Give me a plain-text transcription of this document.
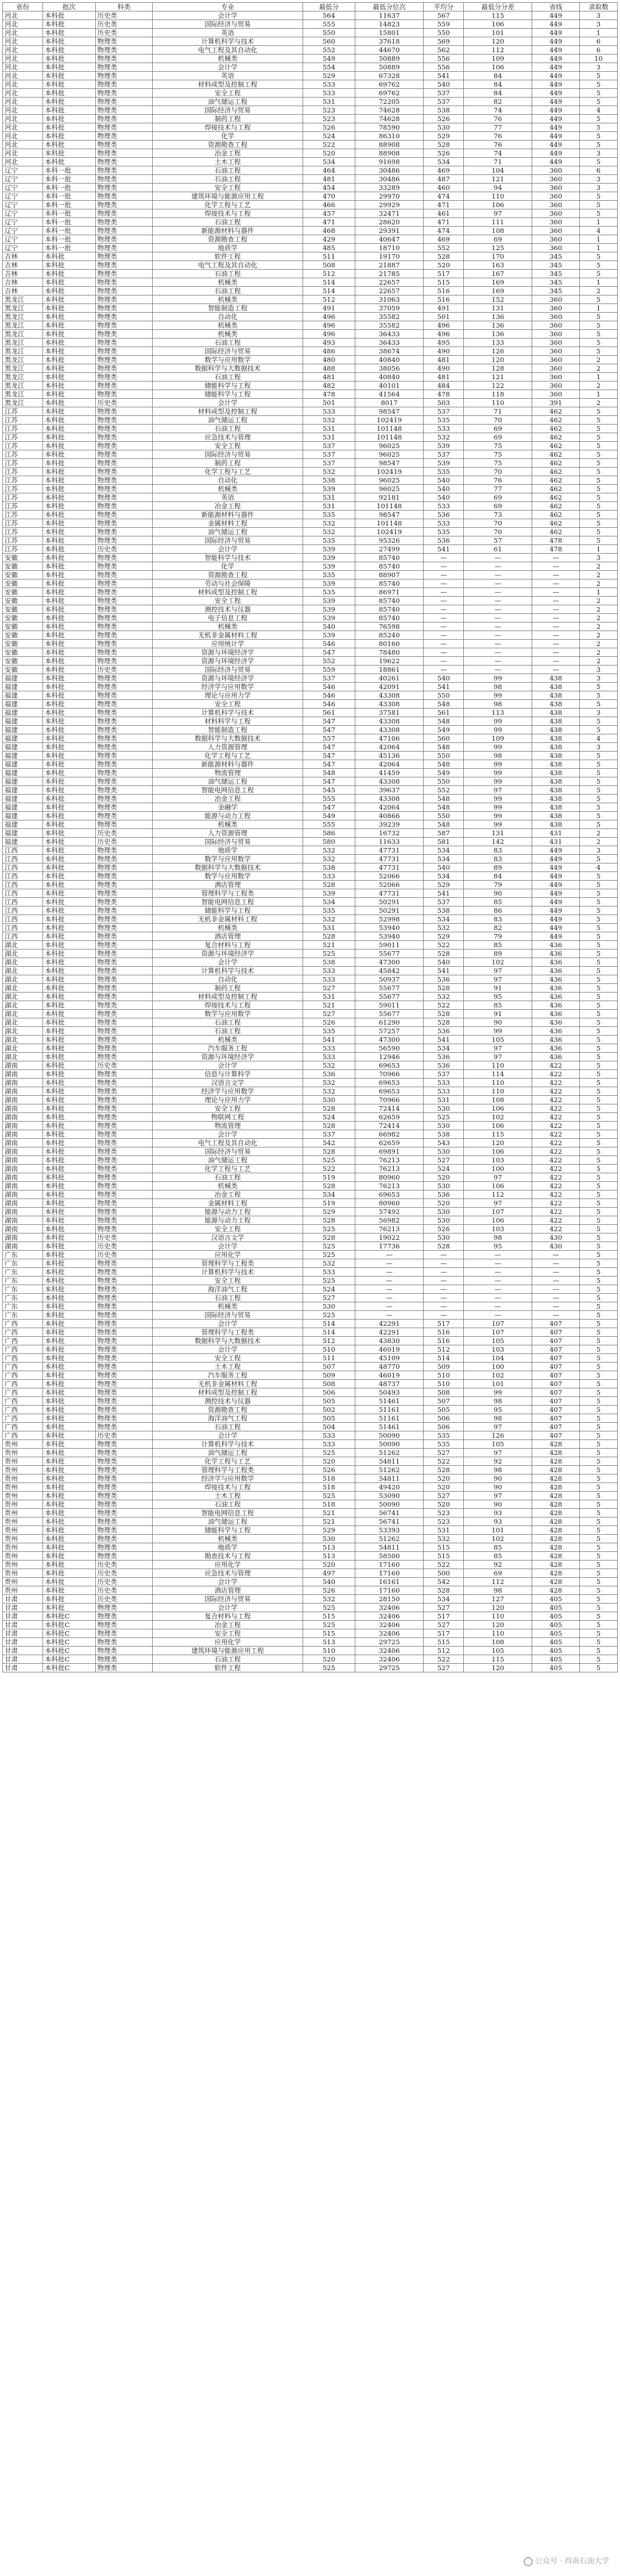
省份	批次	科类	专业	最低分	最低分位次	平均分	最低分分差	省线	录取数
河北	本科批	历史类	会计学	564	11637	567	115	449	3
河北	本科批	历史类	国际经济与贸易	555	14823	559	106	449	3
河北	本科批	历史类	英语	550	15801	550	101	449	1
河北	本科批	物理类	计算机科学与技术	560	37618	569	120	449	6
河北	本科批	物理类	电气工程及其自动化	552	44670	562	112	449	6
河北	本科批	物理类	机械类	549	50889	556	109	449	10
河北	本科批	物理类	会计学	554	50889	556	106	449	3
河北	本科批	物理类	英语	529	67328	541	84	449	5
河北	本科批	物理类	材料成型及控制工程	533	69762	540	84	449	5
河北	本科批	物理类	安全工程	533	69762	537	84	449	5
河北	本科批	物理类	油气储运工程	531	72205	537	82	449	5
河北	本科批	物理类	国际经济与贸易	523	74628	538	74	449	4
河北	本科批	物理类	制药工程	523	74628	526	76	449	5
河北	本科批	物理类	焊接技术与工程	526	78590	530	77	449	5
河北	本科批	物理类	化学	524	86310	529	76	449	5
河北	本科批	物理类	资源勘查工程	522	88908	528	76	449	5
河北	本科批	物理类	冶金工程	520	88908	526	74	449	3
河北	本科批	物理类	土木工程	534	91698	534	71	449	5
辽宁	本科一批	物理类	石油工程	464	30486	469	104	360	6
辽宁	本科一批	物理类	石油工程	481	30486	487	121	360	3
辽宁	本科一批	物理类	安全工程	454	33289	460	94	360	3
辽宁	本科一批	物理类	建筑环境与能源应用工程	470	29970	474	110	360	5
辽宁	本科一批	物理类	化学工程与工艺	466	29929	471	106	360	5
辽宁	本科一批	物理类	焊接技术与工程	457	32471	461	97	360	5
辽宁	本科一批	物理类	石油工程	471	28620	471	111	360	1
辽宁	本科一批	物理类	新能源材料与器件	468	29391	474	108	360	4
辽宁	本科一批	物理类	资源勘查工程	429	40647	469	69	360	1
辽宁	本科一批	物理类	地质学	485	18710	552	125	360	1
吉林	本科批	物理类	软件工程	511	19170	528	170	345	5
吉林	本科批	物理类	电气工程及其自动化	508	21887	520	163	345	5
吉林	本科批	物理类	石油工程	512	21785	517	167	345	5
吉林	本科批	物理类	机械类	514	22657	515	169	345	1
吉林	本科批	物理类	石油工程	514	22657	516	169	345	2
黑龙江	本科批	物理类	机械类	512	31063	516	152	360	5
黑龙江	本科批	物理类	智能制造工程	491	37059	491	131	360	1
黑龙江	本科批	物理类	自动化	496	35582	501	136	360	5
黑龙江	本科批	物理类	机械类	496	35582	496	136	360	5
黑龙江	本科批	物理类	机械类	496	36433	496	136	360	5
黑龙江	本科批	物理类	石油工程	493	36433	495	133	360	5
黑龙江	本科批	物理类	国际经济与贸易	486	38674	490	126	360	5
黑龙江	本科批	物理类	数学与应用数学	480	40840	481	120	360	2
黑龙江	本科批	物理类	数据科学与大数据技术	488	38056	490	128	360	2
黑龙江	本科批	物理类	石油工程	481	40840	481	121	360	1
黑龙江	本科批	物理类	储能科学与工程	482	40101	484	122	360	2
黑龙江	本科批	物理类	储能科学与工程	478	41564	478	118	360	1
黑龙江	本科批	历史类	会计学	501	8017	503	110	391	2
江苏	本科批	物理类	材料成型及控制工程	533	98547	537	71	462	5
江苏	本科批	物理类	油气储运工程	532	102419	535	70	462	5
江苏	本科批	物理类	石油工程	531	101148	533	69	462	5
江苏	本科批	物理类	应急技术与管理	531	101148	532	69	462	5
江苏	本科批	物理类	安全工程	537	96025	539	75	462	5
江苏	本科批	物理类	国际经济与贸易	537	96025	537	75	462	5
江苏	本科批	物理类	制药工程	537	98547	539	75	462	5
江苏	本科批	物理类	化学工程与工艺	532	102419	535	70	462	5
江苏	本科批	物理类	自动化	538	96025	540	76	462	5
江苏	本科批	物理类	机械类	539	96025	540	77	462	5
江苏	本科批	物理类	英语	531	92181	540	69	462	5
江苏	本科批	物理类	冶金工程	531	101148	533	69	462	5
江苏	本科批	物理类	新能源材料与器件	535	98547	536	73	462	5
江苏	本科批	物理类	金属材料工程	532	101148	533	70	462	5
江苏	本科批	物理类	油气储运工程	532	102419	535	70	462	5
江苏	本科批	物理类	国际经济与贸易	535	95326	536	57	478	5
江苏	本科批	历史类	会计学	539	27499	541	61	478	1
安徽	本科批	物理类	智能科学与技术	539	85740	—	—	—	3
安徽	本科批	物理类	化学	539	85740	—	—	—	2
安徽	本科批	物理类	资源勘查工程	535	88907	—	—	—	2
安徽	本科批	物理类	劳动与社会保障	539	85740	—	—	—	2
安徽	本科批	物理类	材料成型及控制工程	535	86971	—	—	—	1
安徽	本科批	物理类	安全工程	539	85740	—	—	—	2
安徽	本科批	物理类	测控技术与仪器	539	85740	—	—	—	2
安徽	本科批	物理类	电子信息工程	539	85740	—	—	—	2
安徽	本科批	物理类	机械类	540	76598	—	—	—	2
安徽	本科批	物理类	无机非金属材料工程	539	85240	—	—	—	2
安徽	本科批	物理类	应用统计学	546	80160	—	—	—	2
安徽	本科批	物理类	资源与环境经济学	547	78480	—	—	—	2
安徽	本科批	物理类	资源与环境经济学	552	19622	—	—	—	2
安徽	本科批	历史类	国际经济与贸易	559	18861	—	—	—	3
福建	本科批	物理类	资源与环境经济学	537	40261	540	99	438	3
福建	本科批	物理类	经济学与应用数学	546	42091	541	98	438	5
福建	本科批	物理类	理论与应用力学	546	43308	550	99	438	5
福建	本科批	物理类	安全工程	546	43308	548	98	438	5
福建	本科批	物理类	计算机科学与技术	561	37581	561	113	438	3
福建	本科批	物理类	材料科学与工程	547	43308	548	99	438	5
福建	本科批	物理类	智能制造工程	547	43308	549	99	438	5
福建	本科批	物理类	数据科学与大数据技术	557	47106	560	109	438	4
福建	本科批	物理类	人力资源管理	547	42064	548	99	438	3
福建	本科批	物理类	化学工程与工艺	547	45136	550	98	438	5
福建	本科批	物理类	新能源材料与器件	547	42064	548	99	438	5
福建	本科批	物理类	物流管理	548	41459	549	99	438	5
福建	本科批	物理类	油气储运工程	547	43308	550	99	438	5
福建	本科批	物理类	智能电网信息工程	545	39637	552	97	438	5
福建	本科批	物理类	冶金工程	555	43308	548	99	438	5
福建	本科批	物理类	金融学	547	42064	548	99	438	5
福建	本科批	物理类	能源与动力工程	549	40866	550	99	438	5
福建	本科批	物理类	机械类	555	39239	548	99	438	5
福建	本科批	历史类	人力资源管理	586	16732	587	131	431	2
福建	本科批	历史类	国际经济与贸易	580	11633	581	142	431	2
江西	本科批	物理类	地质学	532	47731	534	83	449	3
江西	本科批	物理类	数学与应用数学	532	47731	534	83	449	5
江西	本科批	物理类	数据科学与大数据技术	538	47731	540	89	449	4
江西	本科批	物理类	数学与应用数学	533	52066	534	84	449	5
江西	本科批	物理类	酒店管理	528	52066	529	79	449	5
江西	本科批	物理类	管理科学与工程类	539	47731	541	90	449	5
江西	本科批	物理类	智能电网信息工程	534	50291	537	85	449	5
江西	本科批	物理类	储能科学与工程	535	50291	538	86	449	5
江西	本科批	物理类	无机非金属材料工程	532	52998	534	83	449	5
江西	本科批	物理类	机械类	531	53940	532	82	449	5
江西	本科批	物理类	酒店管理	528	53940	529	79	449	5
湖北	本科批	物理类	复合材料与工程	521	59011	522	85	436	5
湖北	本科批	物理类	资源与环境经济学	525	55677	528	89	436	5
湖北	本科批	物理类	会计学	538	47300	540	102	436	5
湖北	本科批	物理类	计算机科学与技术	533	45842	541	97	436	5
湖北	本科批	物理类	自动化	533	50937	536	97	436	5
湖北	本科批	物理类	制药工程	527	55677	528	91	436	5
湖北	本科批	物理类	材料成型及控制工程	531	55677	532	95	436	5
湖北	本科批	物理类	焊接技术与工程	521	59011	522	85	436	5
湖北	本科批	物理类	数学与应用数学	527	55677	528	91	436	5
湖北	本科批	物理类	石油工程	526	61290	528	90	436	5
湖北	本科批	物理类	石油工程	535	57257	536	99	436	5
湖北	本科批	物理类	机械类	541	47300	541	105	436	5
湖北	本科批	物理类	汽车服务工程	533	56590	534	97	436	5
湖北	本科批	物理类	资源与环境经济学	533	12946	536	97	436	5
湖南	本科批	历史类	会计学	532	69653	536	110	422	5
湖南	本科批	物理类	信息与计算科学	536	70966	537	114	422	5
湖南	本科批	物理类	汉语言文学	532	69653	533	110	422	5
湖南	本科批	物理类	经济学与应用数学	532	69653	533	110	422	5
湖南	本科批	物理类	理论与应用力学	530	70966	531	108	422	5
湖南	本科批	物理类	安全工程	528	72414	530	106	422	5
湖南	本科批	物理类	物联网工程	524	62659	525	102	422	5
湖南	本科批	物理类	物流管理	528	72414	530	106	422	5
湖南	本科批	物理类	会计学	537	66982	538	115	422	5
湖南	本科批	物理类	电气工程及其自动化	542	62659	543	120	422	5
湖南	本科批	物理类	国际经济与贸易	528	69891	530	106	422	5
湖南	本科批	物理类	油气储运工程	525	76213	527	103	422	5
湖南	本科批	物理类	化学工程与工艺	522	76213	524	100	422	5
湖南	本科批	物理类	石油工程	519	80960	520	97	422	5
湖南	本科批	物理类	机械类	528	76213	530	106	422	5
湖南	本科批	物理类	冶金工程	534	69653	536	112	422	5
湖南	本科批	物理类	金属材料工程	519	80960	520	97	422	5
湖南	本科批	物理类	能源与动力工程	529	57492	530	107	422	5
湖南	本科批	物理类	能源与动力工程	528	56982	530	106	422	5
湖南	本科批	物理类	安全工程	525	76213	526	103	422	5
湖南	本科批	历史类	汉语言文学	528	19022	530	98	430	5
湖南	本科批	历史类	会计学	525	17736	528	95	430	5
广东	本科批	历史类	应用化学	525	—	—	—	—	5
广东	本科批	物理类	管理科学与工程类	532	—	—	—	—	5
广东	本科批	物理类	计算机科学与技术	533	—	—	—	—	5
广东	本科批	物理类	安全工程	525	—	—	—	—	5
广东	本科批	物理类	海洋油气工程	524	—	—	—	—	5
广东	本科批	物理类	石油工程	527	—	—	—	—	5
广东	本科批	物理类	机械类	530	—	—	—	—	5
广东	本科批	物理类	国际经济与贸易	525	—	—	—	—	5
广西	本科批	物理类	会计学	514	42291	517	107	407	5
广西	本科批	物理类	管理科学与工程类	514	42291	516	107	407	5
广西	本科批	物理类	数据科学与大数据技术	512	43830	516	105	407	5
广西	本科批	物理类	会计学	510	46019	512	103	407	5
广西	本科批	物理类	安全工程	511	45109	514	104	407	5
广西	本科批	物理类	土木工程	507	48770	509	100	407	5
广西	本科批	物理类	汽车服务工程	509	46019	510	102	407	5
广西	本科批	物理类	无机非金属材料工程	508	48737	510	101	407	5
广西	本科批	物理类	材料成型及控制工程	506	50493	508	99	407	5
广西	本科批	物理类	测控技术与仪器	505	51461	507	98	407	5
广西	本科批	物理类	资源勘查工程	502	51161	505	95	407	5
广西	本科批	物理类	海洋油气工程	505	51161	506	98	407	5
广西	本科批	物理类	石油工程	504	51461	506	97	407	5
广西	本科批	历史类	会计学	533	50090	535	126	407	5
贵州	本科批	物理类	计算机科学与技术	533	50090	535	105	428	5
贵州	本科批	物理类	油气储运工程	525	51262	527	97	428	5
贵州	本科批	物理类	化学工程与工艺	520	54811	522	92	428	5
贵州	本科批	物理类	管理科学与工程类	526	51262	528	98	428	5
贵州	本科批	物理类	经济学与应用数学	518	54811	520	90	428	5
贵州	本科批	物理类	焊接技术与工程	518	49420	520	90	428	5
贵州	本科批	物理类	土木工程	525	53090	527	97	428	5
贵州	本科批	物理类	石油工程	518	50090	520	90	428	5
贵州	本科批	物理类	智能电网信息工程	521	56741	523	93	428	5
贵州	本科批	物理类	油气储运工程	521	56741	523	93	428	5
贵州	本科批	物理类	储能科学与工程	529	53393	531	101	428	5
贵州	本科批	物理类	机械类	530	51262	532	102	428	5
贵州	本科批	物理类	地质学	513	54811	515	85	428	5
贵州	本科批	物理类	勘查技术与工程	513	58500	515	85	428	5
贵州	本科批	历史类	应用化学	520	17160	522	92	428	5
贵州	本科批	历史类	应急技术与管理	497	17160	500	69	428	5
贵州	本科批	历史类	会计学	540	16161	542	112	428	5
贵州	本科批	历史类	酒店管理	526	17160	528	98	428	5
甘肃	本科批	历史类	国际经济与贸易	532	28150	534	127	405	5
甘肃	本科批	物理类	会计学	525	32406	527	120	405	5
甘肃	本科批C	物理类	复合材料与工程	515	32406	517	110	405	5
甘肃	本科批C	物理类	冶金工程	525	32406	527	120	405	5
甘肃	本科批C	物理类	安全工程	515	32406	517	110	405	5
甘肃	本科批C	物理类	应用化学	513	29725	515	108	405	5
甘肃	本科批C	物理类	建筑环境与能源应用工程	510	32406	512	105	405	5
甘肃	本科批C	物理类	石油工程	520	32406	522	115	405	5
甘肃	本科批C	物理类	软件工程	525	29725	527	120	405	5
公众号 · 西南石油大学
